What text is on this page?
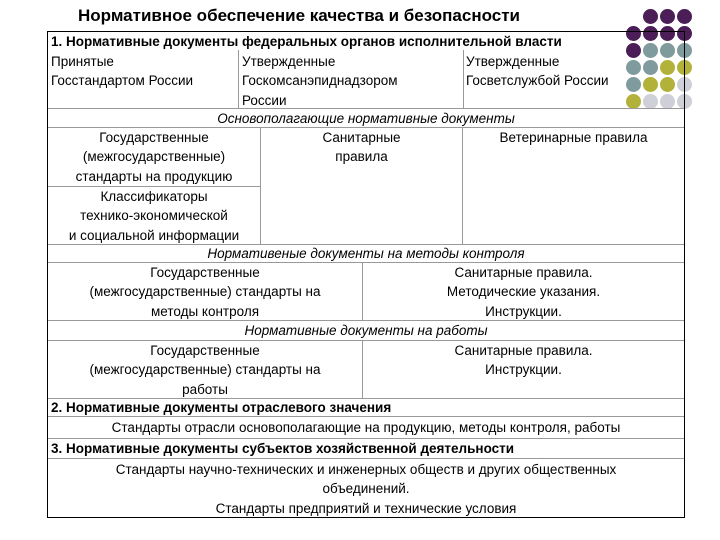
Нормативное обеспечение качества и безопасности
1. Нормативные документы федеральных органов исполнительной власти
Принятые
Госстандартом России
Утвержденные
Госкомсанэпиднадзором
России
Утвержденные
Госветслужбой России
Основополагающие нормативные документы
Государственные
(межгосударственные)
стандарты на продукцию
Классификаторы
технико-экономической
и социальной информации
Санитарные
правила
Ветеринарные правила
Нормативеные документы на методы контроля
Государственные
(межгосударственные) стандарты на
методы контроля
Санитарные правила.
Методические указания.
Инструкции.
Нормативные документы на работы
Государственные
(межгосударственные) стандарты на
работы
Санитарные правила.
Инструкции.
2. Нормативные документы отраслевого значения
Стандарты отрасли основополагающие на продукцию, методы контроля, работы
3. Нормативные документы субъектов хозяйственной деятельности
Стандарты научно-технических и инженерных обществ и других общественных
объединений.
Стандарты предприятий и технические условия
